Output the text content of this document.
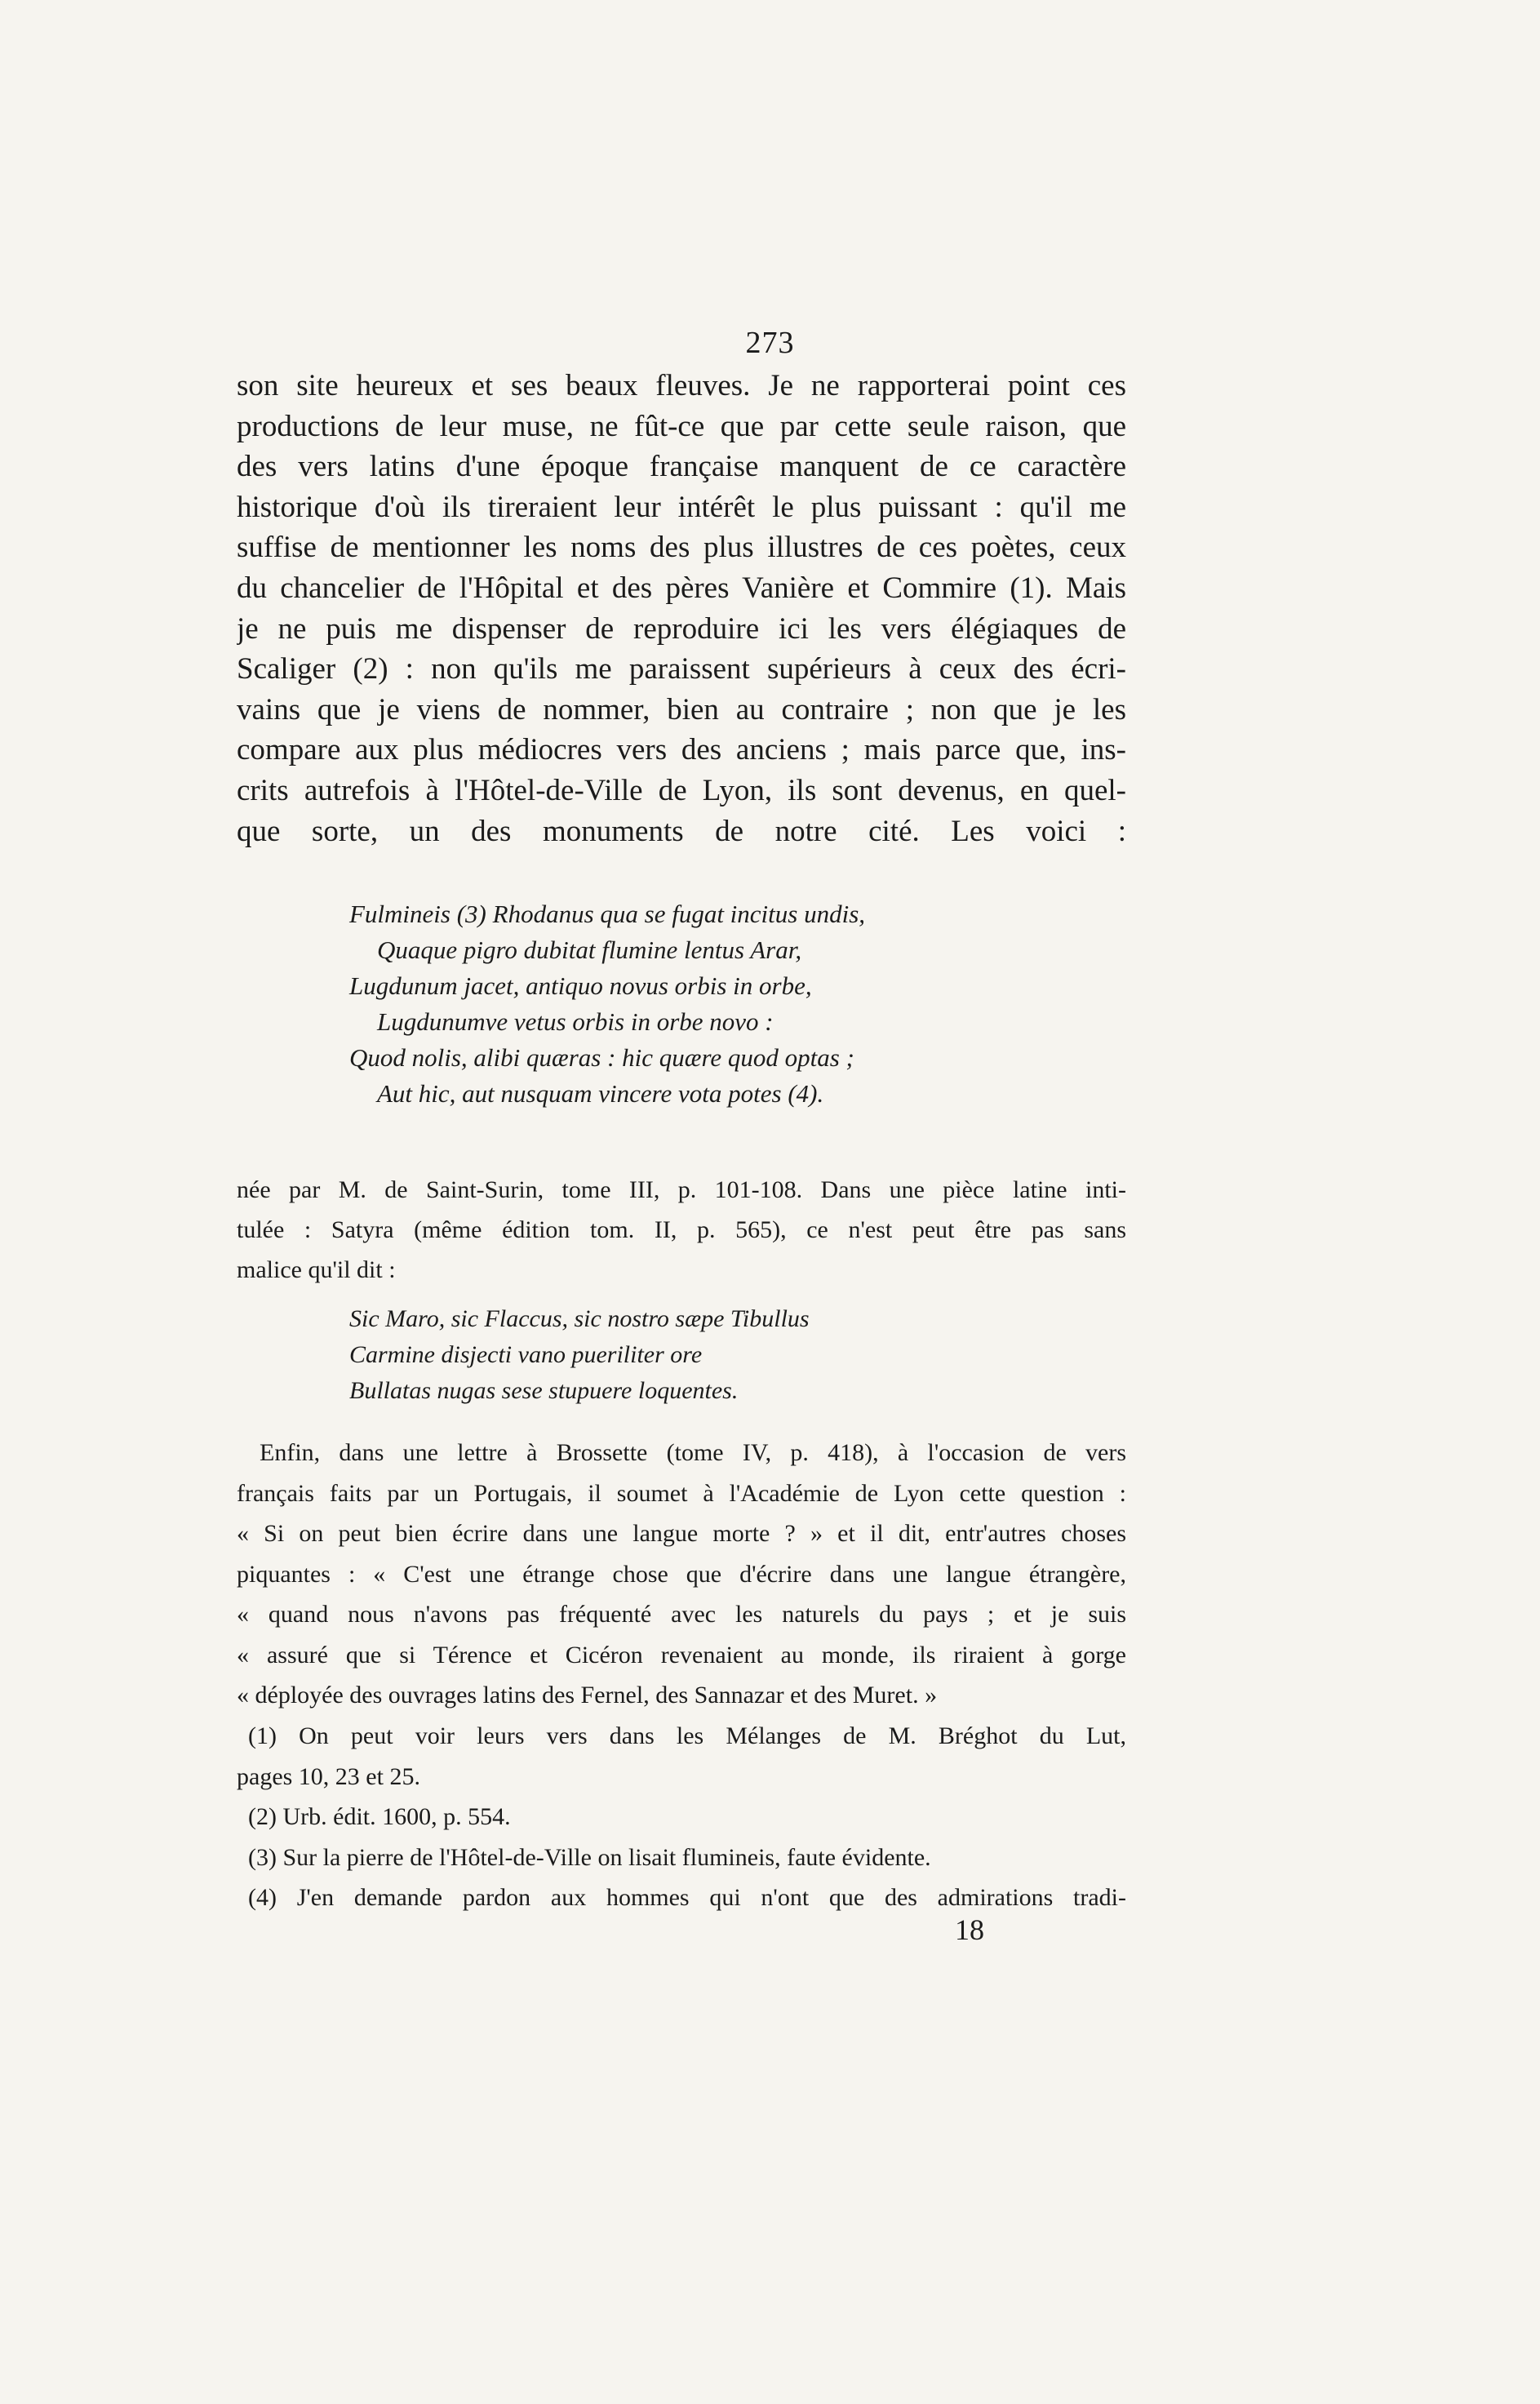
273
son site heureux et ses beaux fleuves. Je ne rapporterai point ces
productions de leur muse, ne fût-ce que par cette seule raison, que
des vers latins d'une époque française manquent de ce caractère
historique d'où ils tireraient leur intérêt le plus puissant : qu'il me
suffise de mentionner les noms des plus illustres de ces poètes, ceux
du chancelier de l'Hôpital et des pères Vanière et Commire (1). Mais
je ne puis me dispenser de reproduire ici les vers élégiaques de
Scaliger (2) : non qu'ils me paraissent supérieurs à ceux des écri-
vains que je viens de nommer, bien au contraire ; non que je les
compare aux plus médiocres vers des anciens ; mais parce que, ins-
crits autrefois à l'Hôtel-de-Ville de Lyon, ils sont devenus, en quel-
que sorte, un des monuments de notre cité. Les voici :
Fulmineis (3) Rhodanus qua se fugat incitus undis,
Quaque pigro dubitat flumine lentus Arar,
Lugdunum jacet, antiquo novus orbis in orbe,
Lugdunumve vetus orbis in orbe novo :
Quod nolis, alibi quæras : hic quære quod optas ;
Aut hic, aut nusquam vincere vota potes (4).
née par M. de Saint-Surin, tome III, p. 101-108. Dans une pièce latine inti-
tulée : Satyra (même édition tom. II, p. 565), ce n'est peut être pas sans
malice qu'il dit :
Sic Maro, sic Flaccus, sic nostro sæpe Tibullus
Carmine disjecti vano pueriliter ore
Bullatas nugas sese stupuere loquentes.
Enfin, dans une lettre à Brossette (tome IV, p. 418), à l'occasion de vers
français faits par un Portugais, il soumet à l'Académie de Lyon cette question :
« Si on peut bien écrire dans une langue morte ? » et il dit, entr'autres choses
piquantes : « C'est une étrange chose que d'écrire dans une langue étrangère,
« quand nous n'avons pas fréquenté avec les naturels du pays ; et je suis
« assuré que si Térence et Cicéron revenaient au monde, ils riraient à gorge
« déployée des ouvrages latins des Fernel, des Sannazar et des Muret. »
(1) On peut voir leurs vers dans les Mélanges de M. Bréghot du Lut,
pages 10, 23 et 25.
(2) Urb. édit. 1600, p. 554.
(3) Sur la pierre de l'Hôtel-de-Ville on lisait flumineis, faute évidente.
(4) J'en demande pardon aux hommes qui n'ont que des admirations tradi-
18
